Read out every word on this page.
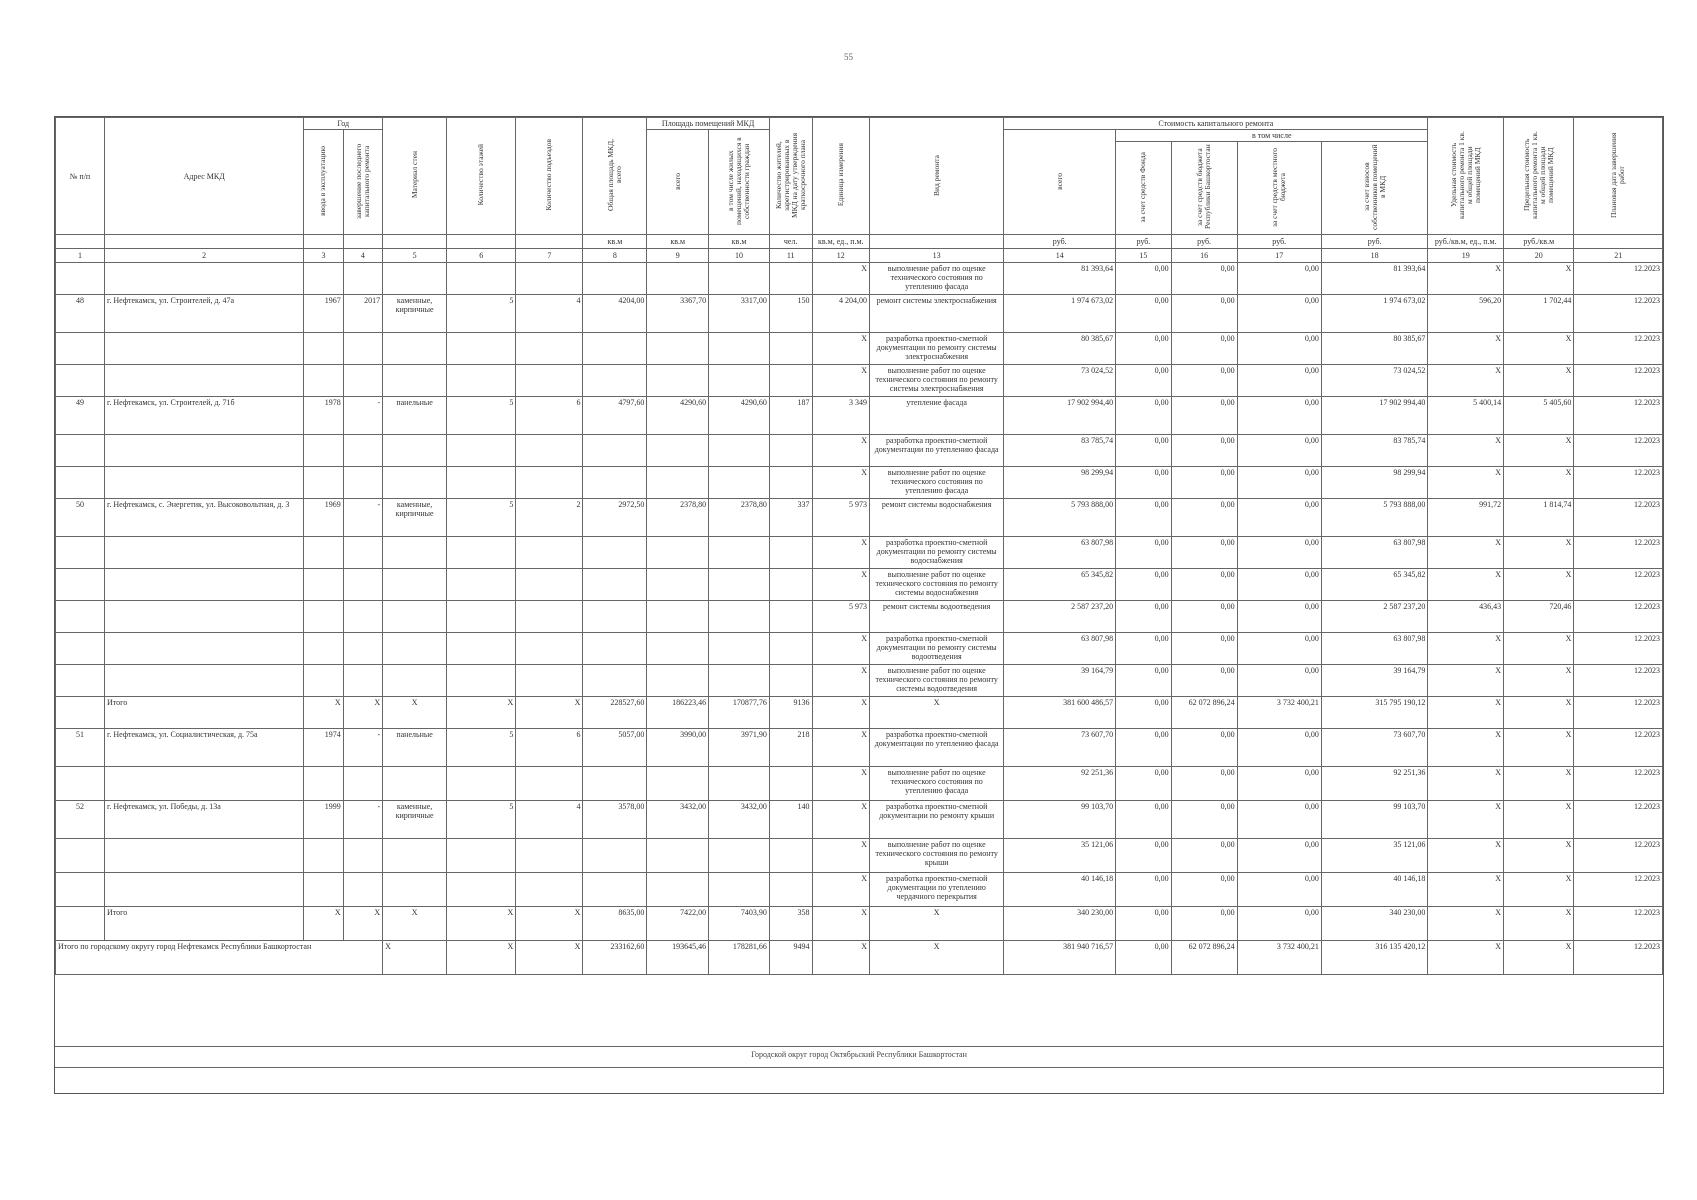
55
№ п/п	Адрес МКД	Год		Материал стен	Количество этажей	Количество подъездов	Общая площадь МКД, всего	Площадь помещений МКД		Количество жителей, зарегистрированных в МКД на дату утверждения краткосрочного плана	Единица измерения	Вид ремонта	Стоимость капитального ремонта					Удельная стоимость капитального ремонта 1 кв. м общей площади помещений МКД	Предельная стоимость капитального ремонта 1 кв. м общей площади помещений МКД	Плановая дата завершения работ
		ввода в эксплуатацию	завершение последнего капитального ремонта					всего	в том числе жилых помещений, находящихся в собственности граждан				всего	в том числе						
														за счет средств Фонда	за счет средств бюджета Республики Башкортостан	за счет средств местного бюджета	за счет взносов собственников помещений в МКД			
							кв.м	кв.м	кв.м	чел.	кв.м, ед., п.м.		руб.	руб.	руб.	руб.	руб.	руб./кв.м, ед., п.м.	руб./кв.м	
1	2	3	4	5	6	7	8	9	10	11	12	13	14	15	16	17	18	19	20	21
											X	выполнение работ по оценке технического состояния по утеплению фасада	81 393,64	0,00	0,00	0,00	81 393,64	X	X	12.2023
48	г. Нефтекамск, ул. Строителей, д. 47а	1967	2017	каменные, кирпичные	5	4	4204,00	3367,70	3317,00	150	4 204,00	ремонт системы электроснабжения	1 974 673,02	0,00	0,00	0,00	1 974 673,02	596,20	1 702,44	12.2023
											X	разработка проектно-сметной документации по ремонту системы электроснабжения	80 385,67	0,00	0,00	0,00	80 385,67	X	X	12.2023
											X	выполнение работ по оценке технического состояния по ремонту системы электроснабжения	73 024,52	0,00	0,00	0,00	73 024,52	X	X	12.2023
49	г. Нефтекамск, ул. Строителей, д. 71б	1978	-	панельные	5	6	4797,60	4290,60	4290,60	187	3 349	утепление фасада	17 902 994,40	0,00	0,00	0,00	17 902 994,40	5 400,14	5 405,60	12.2023
											X	разработка проектно-сметной документации по утеплению фасада	83 785,74	0,00	0,00	0,00	83 785,74	X	X	12.2023
											X	выполнение работ по оценке технического состояния по утеплению фасада	98 299,94	0,00	0,00	0,00	98 299,94	X	X	12.2023
50	г. Нефтекамск, с. Энергетик, ул. Высоковольтная, д. 3	1969	-	каменные, кирпичные	5	2	2972,50	2378,80	2378,80	337	5 973	ремонт системы водоснабжения	5 793 888,00	0,00	0,00	0,00	5 793 888,00	991,72	1 814,74	12.2023
											X	разработка проектно-сметной документации по ремонту системы водоснабжения	63 807,98	0,00	0,00	0,00	63 807,98	X	X	12.2023
											X	выполнение работ по оценке технического состояния по ремонту системы водоснабжения	65 345,82	0,00	0,00	0,00	65 345,82	X	X	12.2023
											5 973	ремонт системы водоотведения	2 587 237,20	0,00	0,00	0,00	2 587 237,20	436,43	720,46	12.2023
											X	разработка проектно-сметной документации по ремонту системы водоотведения	63 807,98	0,00	0,00	0,00	63 807,98	X	X	12.2023
											X	выполнение работ по оценке технического состояния по ремонту системы водоотведения	39 164,79	0,00	0,00	0,00	39 164,79	X	X	12.2023
	Итого	X	X	X	X	X	228527,60	186223,46	170877,76	9136	X	X	381 600 486,57	0,00	62 072 896,24	3 732 400,21	315 795 190,12	X	X	12.2023
51	г. Нефтекамск, ул. Социалистическая, д. 75а	1974	-	панельные	5	6	5057,00	3990,00	3971,90	218	X	разработка проектно-сметной документации по утеплению фасада	73 607,70	0,00	0,00	0,00	73 607,70	X	X	12.2023
											X	выполнение работ по оценке технического состояния по утеплению фасада	92 251,36	0,00	0,00	0,00	92 251,36	X	X	12.2023
52	г. Нефтекамск, ул. Победы, д. 13а	1999	-	каменные, кирпичные	5	4	3578,00	3432,00	3432,00	140	X	разработка проектно-сметной документации по ремонту крыши	99 103,70	0,00	0,00	0,00	99 103,70	X	X	12.2023
											X	выполнение работ по оценке технического состояния по ремонту крыши	35 121,06	0,00	0,00	0,00	35 121,06	X	X	12.2023
											X	разработка проектно-сметной документации по утеплению чердачного перекрытия	40 146,18	0,00	0,00	0,00	40 146,18	X	X	12.2023
	Итого	X	X	X	X	X	8635,00	7422,00	7403,90	358	X	X	340 230,00	0,00	0,00	0,00	340 230,00	X	X	12.2023
Итого по городскому округу город Нефтекамск Республики Башкортостан				X	X	X	233162,60	193645,46	178281,66	9494	X	X	381 940 716,57	0,00	62 072 896,24	3 732 400,21	316 135 420,12	X	X	12.2023
Городской округ город Октябрьский Республики Башкортостан
